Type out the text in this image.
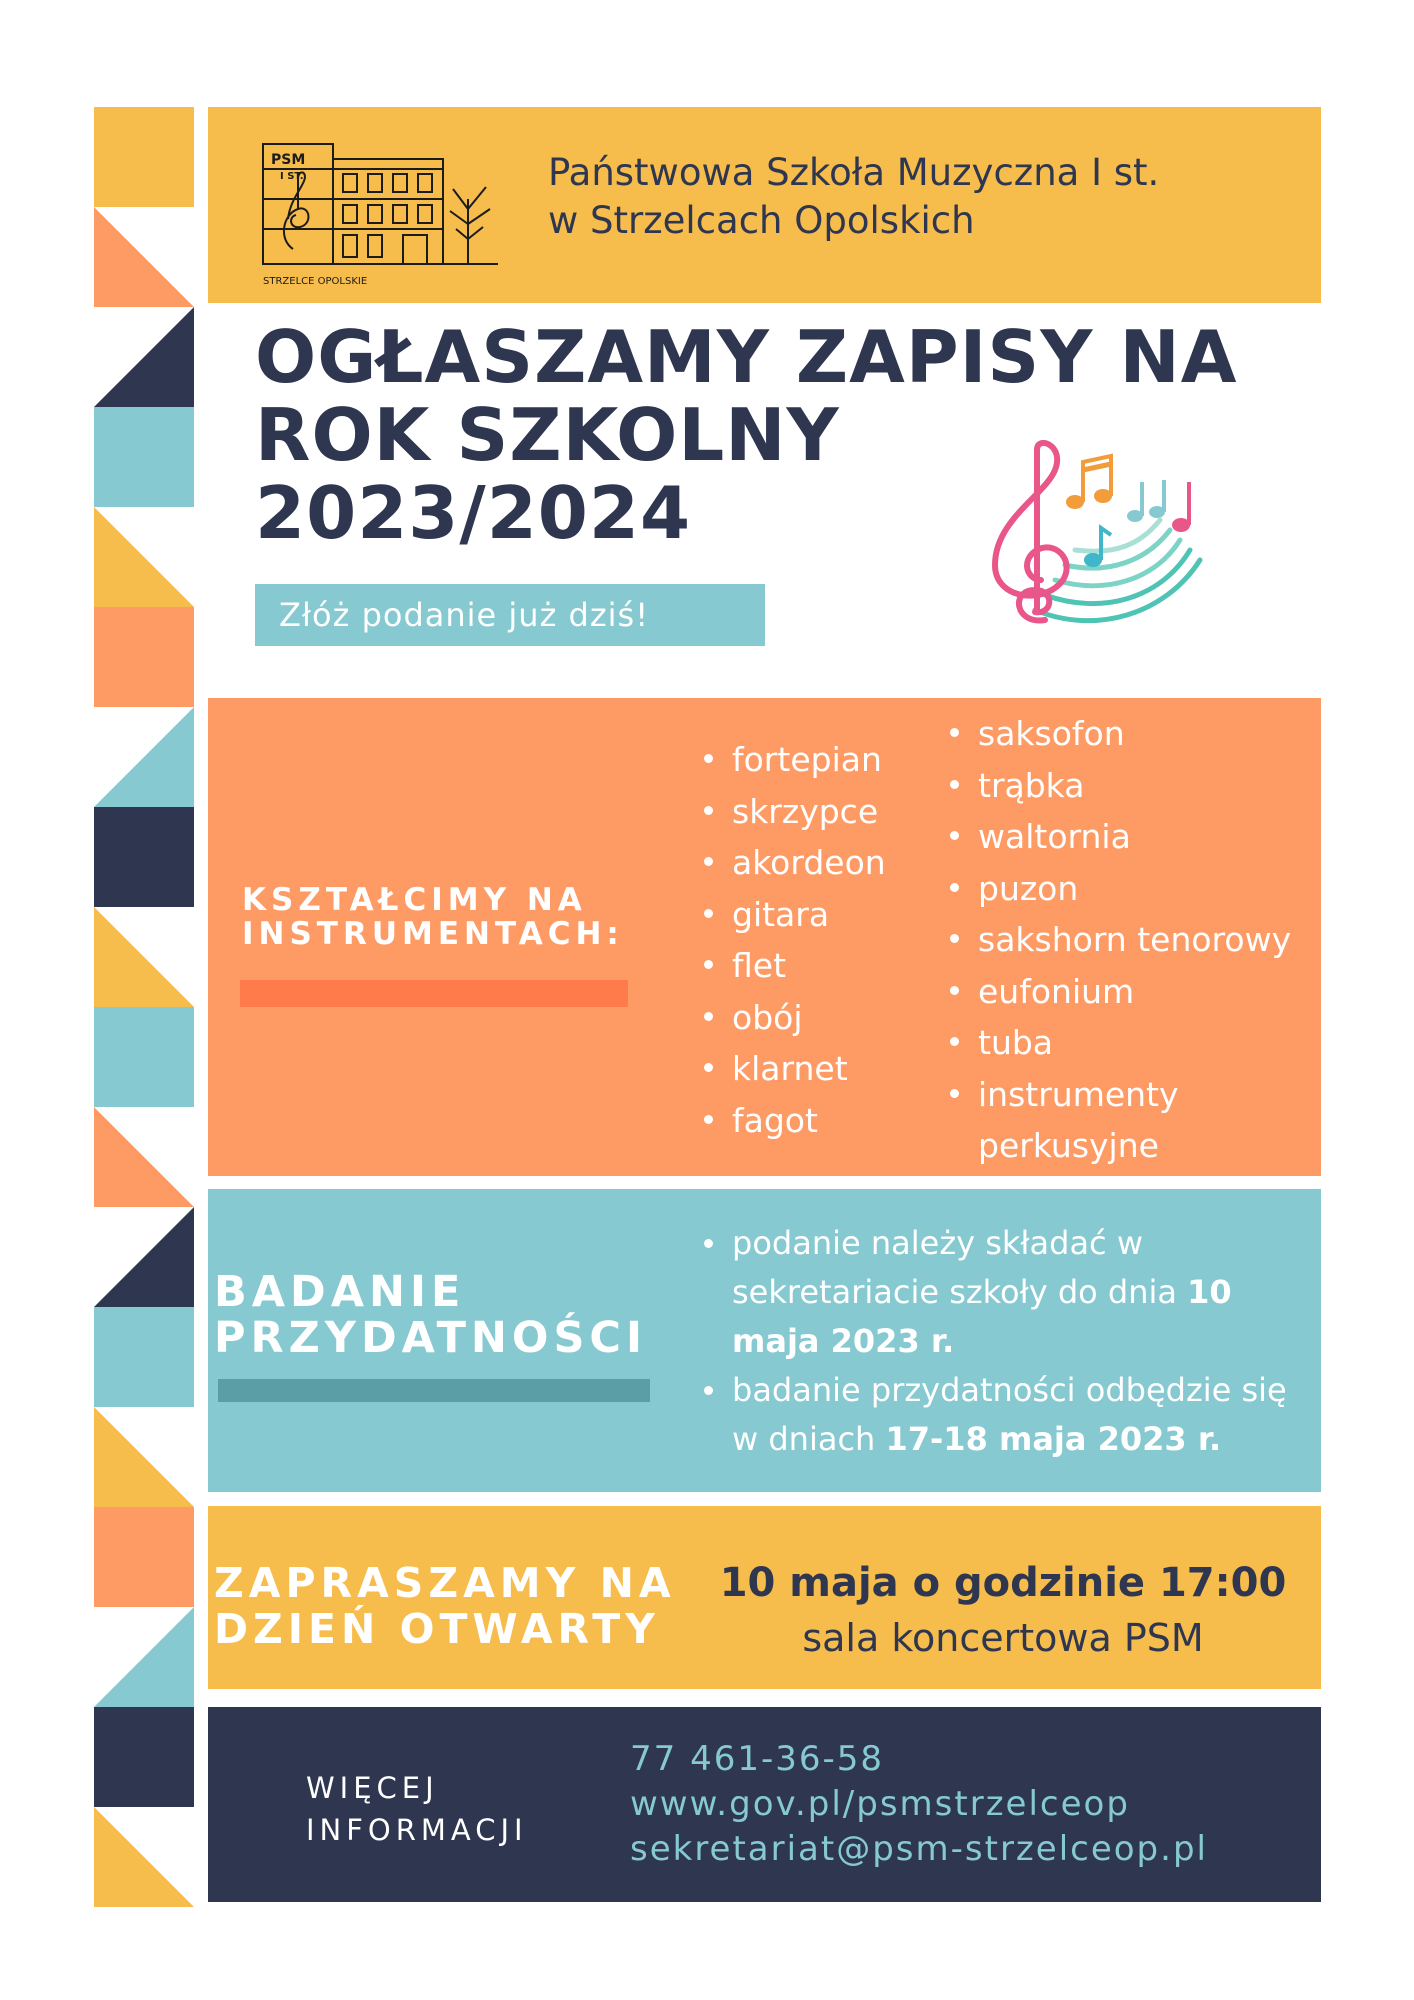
PSM
I ST.
STRZELCE OPOLSKIE
Państwowa Szkoła Muzyczna I st.
w Strzelcach Opolskich
OGŁASZAMY ZAPISY NA
ROK SZKOLNY
2023/2024
Złóż podanie już dziś!
KSZTAŁCIMY NA
INSTRUMENTACH:
fortepian
skrzypce
akordeon
gitara
flet
obój
klarnet
fagot
saksofon
trąbka
waltornia
puzon
sakshorn tenorowy
eufonium
tuba
instrumenty perkusyjne
BADANIE
PRZYDATNOŚCI
podanie należy składać w sekretariacie szkoły do dnia 10 maja 2023 r.
badanie przydatności odbędzie się w dniach 17-18 maja 2023 r.
ZAPRASZAMY NA
DZIEŃ OTWARTY
10 maja o godzinie 17:00
sala koncertowa PSM
WIĘCEJ
INFORMACJI
77 461-36-58
www.gov.pl/psmstrzelceop
sekretariat@psm-strzelceop.pl
